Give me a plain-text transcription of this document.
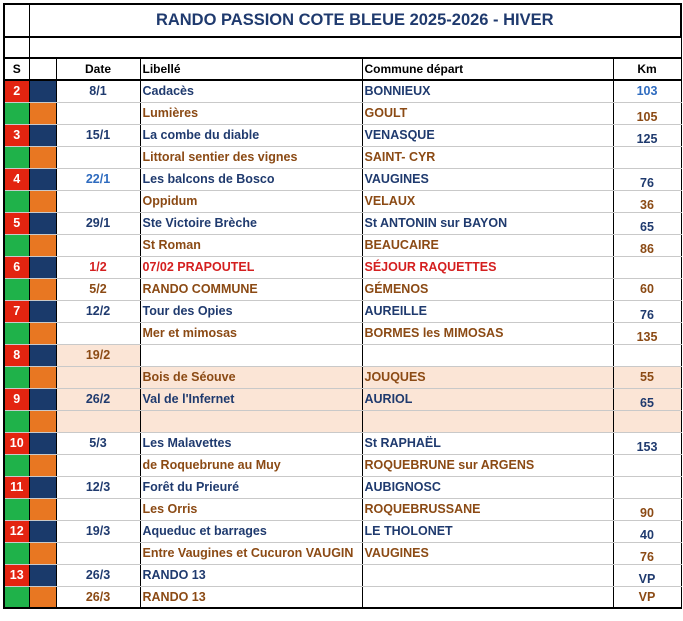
	RANDO PASSION COTE BLEUE 2025-2026 - HIVER				

S		Date	Libellé	Commune départ	Km
2		8/1	Cadacès	BONNIEUX	103
			Lumières	GOULT	105
3		15/1	La combe du diable	VENASQUE	125
			Littoral sentier des vignes	SAINT- CYR	
4		22/1	Les balcons de Bosco	VAUGINES	76
			Oppidum	VELAUX	36
5		29/1	Ste Victoire Brèche	St ANTONIN sur BAYON	65
			St Roman	BEAUCAIRE	86
6		1/2	07/02 PRAPOUTEL	SÉJOUR RAQUETTES	
		5/2	RANDO COMMUNE	GÉMENOS	60
7		12/2	Tour des Opies	AUREILLE	76
			Mer et mimosas	BORMES les MIMOSAS	135
8		19/2			
			Bois de Séouve	JOUQUES	55
9		26/2	Val de l'Infernet	AURIOL	65

10		5/3	Les Malavettes	St RAPHAËL	153
			de Roquebrune au Muy	ROQUEBRUNE sur ARGENS	
11		12/3	Forêt du Prieuré	AUBIGNOSC	
			Les Orris	ROQUEBRUSSANE	90
12		19/3	Aqueduc et barrages	LE THOLONET	40
			Entre Vaugines et Cucuron VAUGIN	VAUGINES	76
13		26/3	RANDO 13		VP
		26/3	RANDO 13		VP
